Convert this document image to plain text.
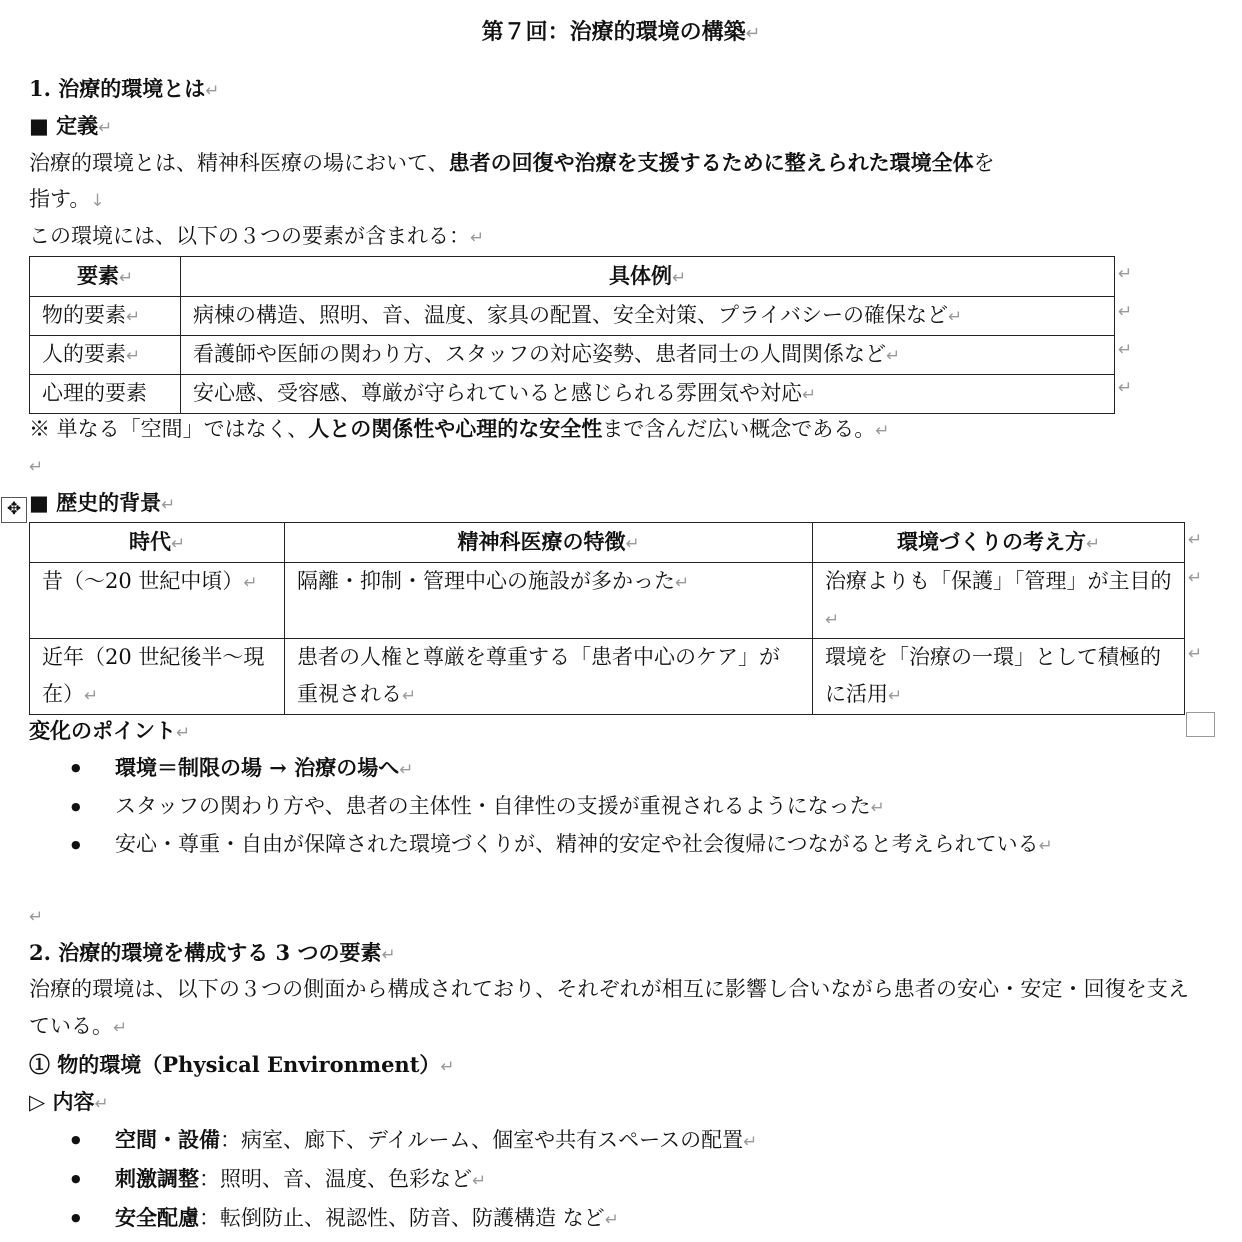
第７回：治療的環境の構築↵
1. 治療的環境とは↵
■ 定義↵
治療的環境とは、精神科医療の場において、患者の回復や治療を支援するために整えられた環境全体を
指す。↓
この環境には、以下の３つの要素が含まれる：↵
要素↵	具体例↵
物的要素↵	病棟の構造、照明、音、温度、家具の配置、安全対策、プライバシーの確保など↵
人的要素↵	看護師や医師の関わり方、スタッフの対応姿勢、患者同士の人間関係など↵
心理的要素	安心感、受容感、尊厳が守られていると感じられる雰囲気や対応↵
↵
↵
↵
↵
※ 単なる「空間」ではなく、人との関係性や心理的な安全性まで含んだ広い概念である。↵
↵
✥ ■ 歴史的背景↵
時代↵	精神科医療の特徴↵	環境づくりの考え方↵
昔（～20 世紀中頃）↵	隔離・抑制・管理中心の施設が多かった↵	治療よりも「保護」「管理」が主目的↵
近年（20 世紀後半～現在）↵	患者の人権と尊厳を尊重する「患者中心のケア」が重視される↵	環境を「治療の一環」として積極的に活用↵
↵
↵
↵
変化のポイント↵
● 環境＝制限の場 → 治療の場へ↵
● スタッフの関わり方や、患者の主体性・自律性の支援が重視されるようになった↵
● 安心・尊重・自由が保障された環境づくりが、精神的安定や社会復帰につながると考えられている↵
↵
2. 治療的環境を構成する 3 つの要素↵
治療的環境は、以下の３つの側面から構成されており、それぞれが相互に影響し合いながら患者の安心・安定・回復を支えている。↵
① 物的環境（Physical Environment）↵
▷ 内容↵
● 空間・設備：病室、廊下、デイルーム、個室や共有スペースの配置↵
● 刺激調整：照明、音、温度、色彩など↵
● 安全配慮：転倒防止、視認性、防音、防護構造 など↵
